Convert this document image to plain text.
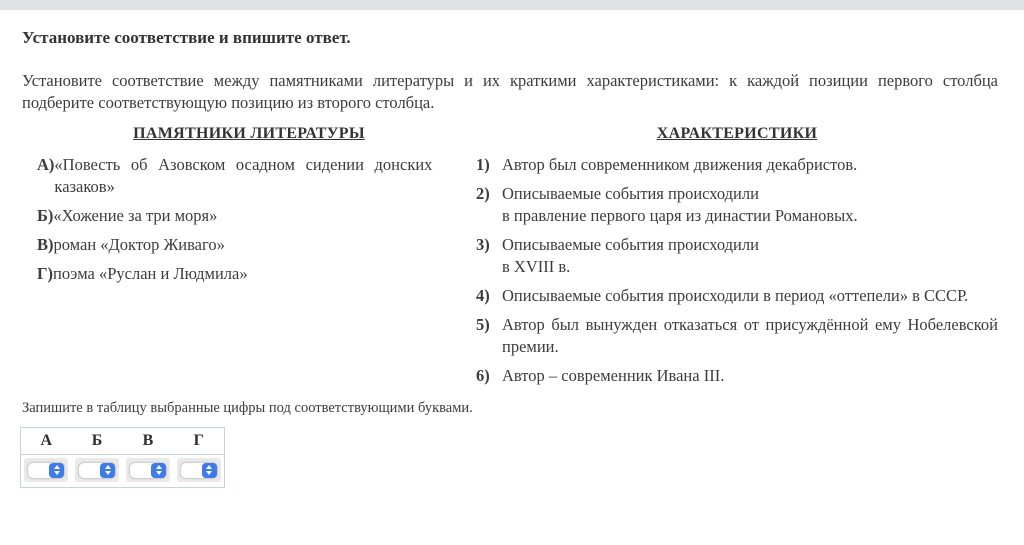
Установите соответствие и впишите ответ.

Установите соответствие между памятниками литературы и их краткими характеристиками: к каждой позиции первого столбца подберите соответствующую позицию из второго столбца.

ПАМЯТНИКИ ЛИТЕРАТУРЫ
А) «Повесть об Азовском осадном сидении донских казаков»
Б) «Хожение за три моря»
В) роман «Доктор Живаго»
Г) поэма «Руслан и Людмила»
ХАРАКТЕРИСТИКИ
1) Автор был современником движения декабристов.
2) Описываемые события происходили
в правление первого царя из династии Романовых.
3) Описываемые события происходили
в XVIII в.
4) Описываемые события происходили в период «оттепели» в СССР.
5) Автор был вынужден отказаться от присуждённой ему Нобелевской премии.
6) Автор – современник Ивана III.

Запишите в таблицу выбранные цифры под соответствующими буквами.

А	Б	В	Г
